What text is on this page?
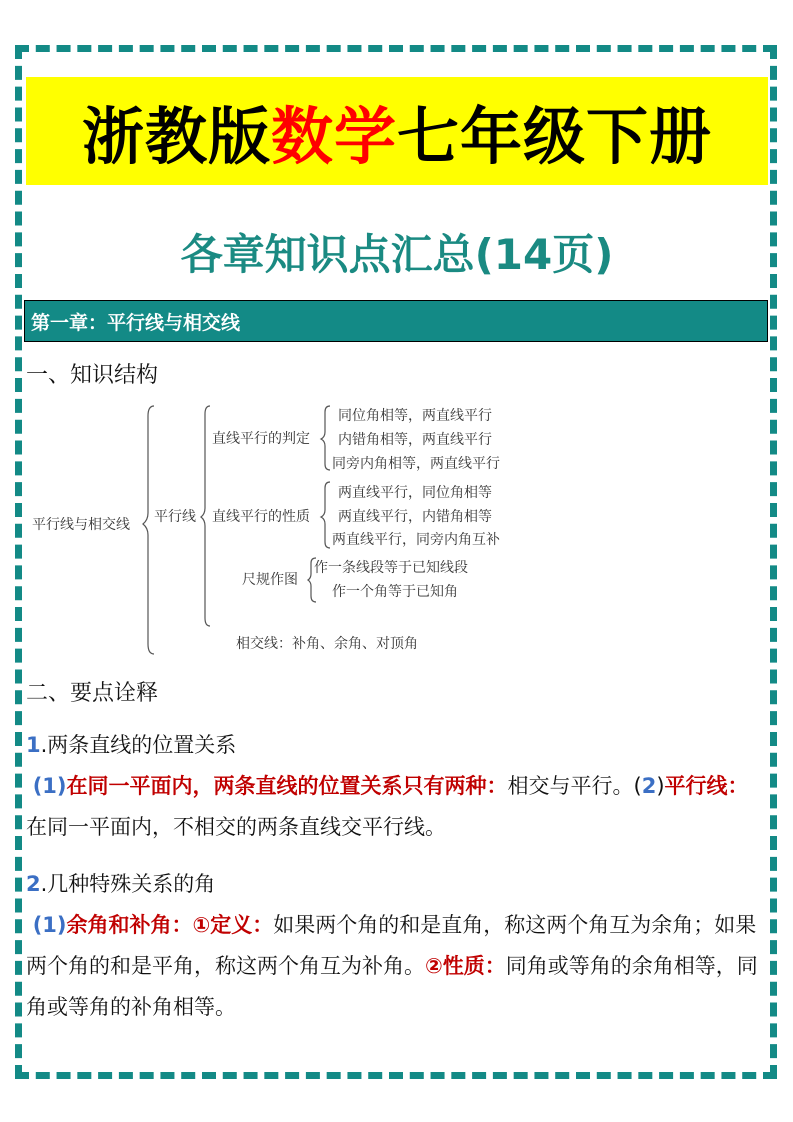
浙教版 数学 七年级下册
各章知识点汇总(14页)
第一章：平行线与相交线
一、知识结构
平行线与相交线 平行线
直线平行的判定
同位角相等，两直线平行
内错角相等，两直线平行
同旁内角相等，两直线平行
直线平行的性质
两直线平行，同位角相等
两直线平行，内错角相等
两直线平行，同旁内角互补
尺规作图
作一条线段等于已知线段
作一个角等于已知角
相交线：补角、余角、对顶角
二、要点诠释
1.两条直线的位置关系
(1)在同一平面内，两条直线的位置关系只有两种：相交与平行。(2)平行线：在同一平面内，不相交的两条直线交平行线。
2.几种特殊关系的角
(1)余角和补角：①定义：如果两个角的和是直角，称这两个角互为余角；如果两个角的和是平角，称这两个角互为补角。②性质：同角或等角的余角相等，同角或等角的补角相等。
